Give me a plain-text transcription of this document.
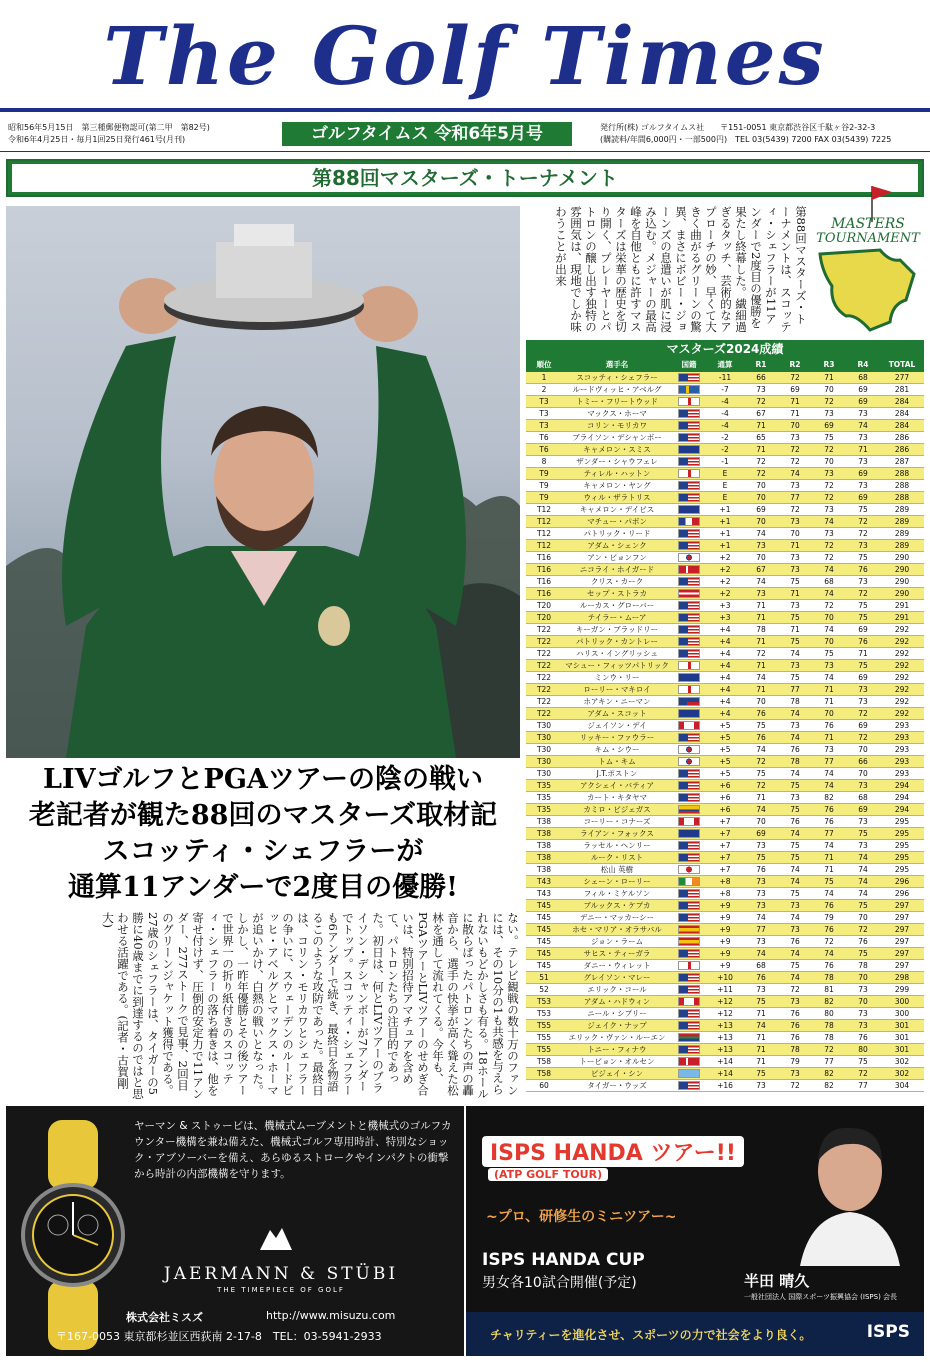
The Golf Times
昭和56年5月15日　第三種郵便物認可(第二甲　第82号)
令和6年4月25日・毎月1回25日発行461号(月刊)	ゴルフタイムス 令和6年5月号	発行所(株) ゴルフタイムス社　　〒151-0051 東京都渋谷区千駄ヶ谷2-32-3
(購読料/年間6,000円・一部500円)　TEL 03(5439) 7200 FAX 03(5439) 7225
第88回マスターズ・トーナメント
LIVゴルフとPGAツアーの陰の戦い
老記者が観た88回のマスターズ取材記
スコッティ・シェフラーが
通算11アンダーで2度目の優勝!
第88回マスターズ・トーナメントは、スコッティ・シェフラーが11アンダーで2度目の優勝を果たし終幕した。繊細過ぎるタッチ、芸術的なアプローチの妙、早くて大きく曲がるグリーンの驚異、まさにボビー・ジョーンズの息遣いが肌に浸み込む。メジャーの最高峰を自他ともに許すマスターズは栄華の歴史を切り開く、プレーヤーとパトロンの醸し出す独特の雰囲気は、現地でしか味わうことが出来
ない。テレビ観戦の数十万のファンには、その10分の1も共感を与えられないもどかしさも有る。18ホールに散らばったパトロンたちの声の轟音から、選手の快挙が高く聳えた松林を通して流れてくる。今年も、PGAツアーとLIVツアーのせめぎ合いは、特別招待アマチュアを含めて、パトロンたちの注目的であった。初日は、何とLIVツアーのブライソン・デシャンボーが7アンダーでトップ。スコッティ・シェフラーも6アンダーで続き、最終日を物語るこのような攻防であった。最終日は、コリン・モリカワとシェフラーの争いに、スウェーデンのルードビッヒ・アベルグとマックス・ホーマが追いかけ、白熱の戦いとなった。しかし、一昨年優勝とその後ツアーで世界一の折り紙付きのスコッティ・シェフラーの落ち着きは、他を寄せ付けず、圧倒的安定力で11アンダー、277ストークで見事、2回目のグリーンジャケット獲得である。27歳のシェフラーは、タイガーの5勝に40歳までに到達するのではと思わせる活躍である。(記者・古賀剛大)
MASTERS
TOURNAMENT
マスターズ2024成績
順位	選手名	国籍	通算	R1	R2	R3	R4	TOTAL
1	スコッティ・シェフラー	-11	66	72	71	68	277
2	ルードヴィッヒ・アベルグ	-7	73	69	70	69	281
T3	トミー・フリートウッド	-4	72	71	72	69	284
T3	マックス・ホーマ	-4	67	71	73	73	284
T3	コリン・モリカワ	-4	71	70	69	74	284
T6	ブライソン・デシャンボー	-2	65	73	75	73	286
T6	キャメロン・スミス	-2	71	72	72	71	286
8	ザンダー・シャウフェレ	-1	72	72	70	73	287
T9	ティレル・ハットン	E	72	74	73	69	288
T9	キャメロン・ヤング	E	70	73	72	73	288
T9	ウィル・ザラトリス	E	70	77	72	69	288
T12	キャメロン・デイビス	+1	69	72	73	75	289
T12	マチュー・パボン	+1	70	73	74	72	289
T12	パトリック・リード	+1	74	70	73	72	289
T12	アダム・シェンク	+1	73	71	72	73	289
T16	アン・ビョンフン	+2	70	73	72	75	290
T16	ニコライ・ホイガード	+2	67	73	74	76	290
T16	クリス・カーク	+2	74	75	68	73	290
T16	セップ・ストラカ	+2	73	71	74	72	290
T20	ルーカス・グローバー	+3	71	73	72	75	291
T20	テイラー・ムーア	+3	71	75	70	75	291
T22	キーガン・ブラッドリー	+4	78	71	74	69	292
T22	パトリック・カントレー	+4	71	75	70	76	292
T22	ハリス・イングリッシュ	+4	72	74	75	71	292
T22	マシュー・フィッツパトリック	+4	71	73	73	75	292
T22	ミンウ・リー	+4	74	75	74	69	292
T22	ローリー・マキロイ	+4	71	77	71	73	292
T22	ホアキン・ニーマン	+4	70	78	71	73	292
T22	アダム・スコット	+4	76	74	70	72	292
T30	ジェイソン・デイ	+5	75	73	76	69	293
T30	リッキー・ファウラー	+5	76	74	71	72	293
T30	キム・シウー	+5	74	76	73	70	293
T30	トム・キム	+5	72	78	77	66	293
T30	J.T.ポストン	+5	75	74	74	70	293
T35	アクシェイ・バティア	+6	72	75	74	73	294
T35	カート・キタヤマ	+6	71	73	82	68	294
T35	カミロ・ビジェガス	+6	74	75	76	69	294
T38	コーリー・コナーズ	+7	70	76	76	73	295
T38	ライアン・フォックス	+7	69	74	77	75	295
T38	ラッセル・ヘンリー	+7	73	75	74	73	295
T38	ルーク・リスト	+7	75	75	71	74	295
T38	松山 英樹	+7	76	74	71	74	295
T43	シェーン・ローリー	+8	73	74	75	74	296
T43	フィル・ミケルソン	+8	73	75	74	74	296
T45	ブルックス・ケプカ	+9	73	73	76	75	297
T45	デニー・マッカーシー	+9	74	74	79	70	297
T45	ホセ・マリア・オラサバル	+9	77	73	76	72	297
T45	ジョン・ラーム	+9	73	76	72	76	297
T45	サヒス・ティーガラ	+9	74	74	74	75	297
T45	ダニー・ウィレット	+9	68	75	76	78	297
51	グレイソン・マレー	+10	76	74	78	70	298
52	エリック・コール	+11	73	72	81	73	299
T53	アダム・ハドウィン	+12	75	73	82	70	300
T53	ニール・シプリー	+12	71	76	80	73	300
T55	ジェイク・ナップ	+13	74	76	78	73	301
T55	エリック・ヴァン・ルーエン	+13	71	76	78	76	301
T55	トニー・フィナウ	+13	71	78	72	80	301
T58	トービョン・オルセン	+14	71	79	77	75	302
T58	ビジェイ・シン	+14	75	73	82	72	302
60	タイガー・ウッズ	+16	73	72	82	77	304
ヤーマン & ストゥービは、機械式ムーブメントと機械式のゴルフカウンター機構を兼ね備えた、機械式ゴルフ専用時計、特別なショック・アブソーバーを備え、あらゆるストロークやインパクトの衝撃から時計の内部機構を守ります。
JAERMANN & STÜBI
THE TIMEPIECE OF GOLF
株式会社ミスズ	http://www.misuzu.com
〒167-0053 東京都杉並区西荻南 2-17-8　TEL：03-5941-2933
ISPS HANDA ツアー!!
(ATP GOLF TOUR)
~プロ、研修生のミニツアー~
ISPS HANDA CUP
男女各10試合開催(予定)	半田 晴久
一般社団法人 国際スポーツ振興協会 (ISPS) 会長
チャリティーを進化させ、スポーツの力で社会をより良く。	ISPS
